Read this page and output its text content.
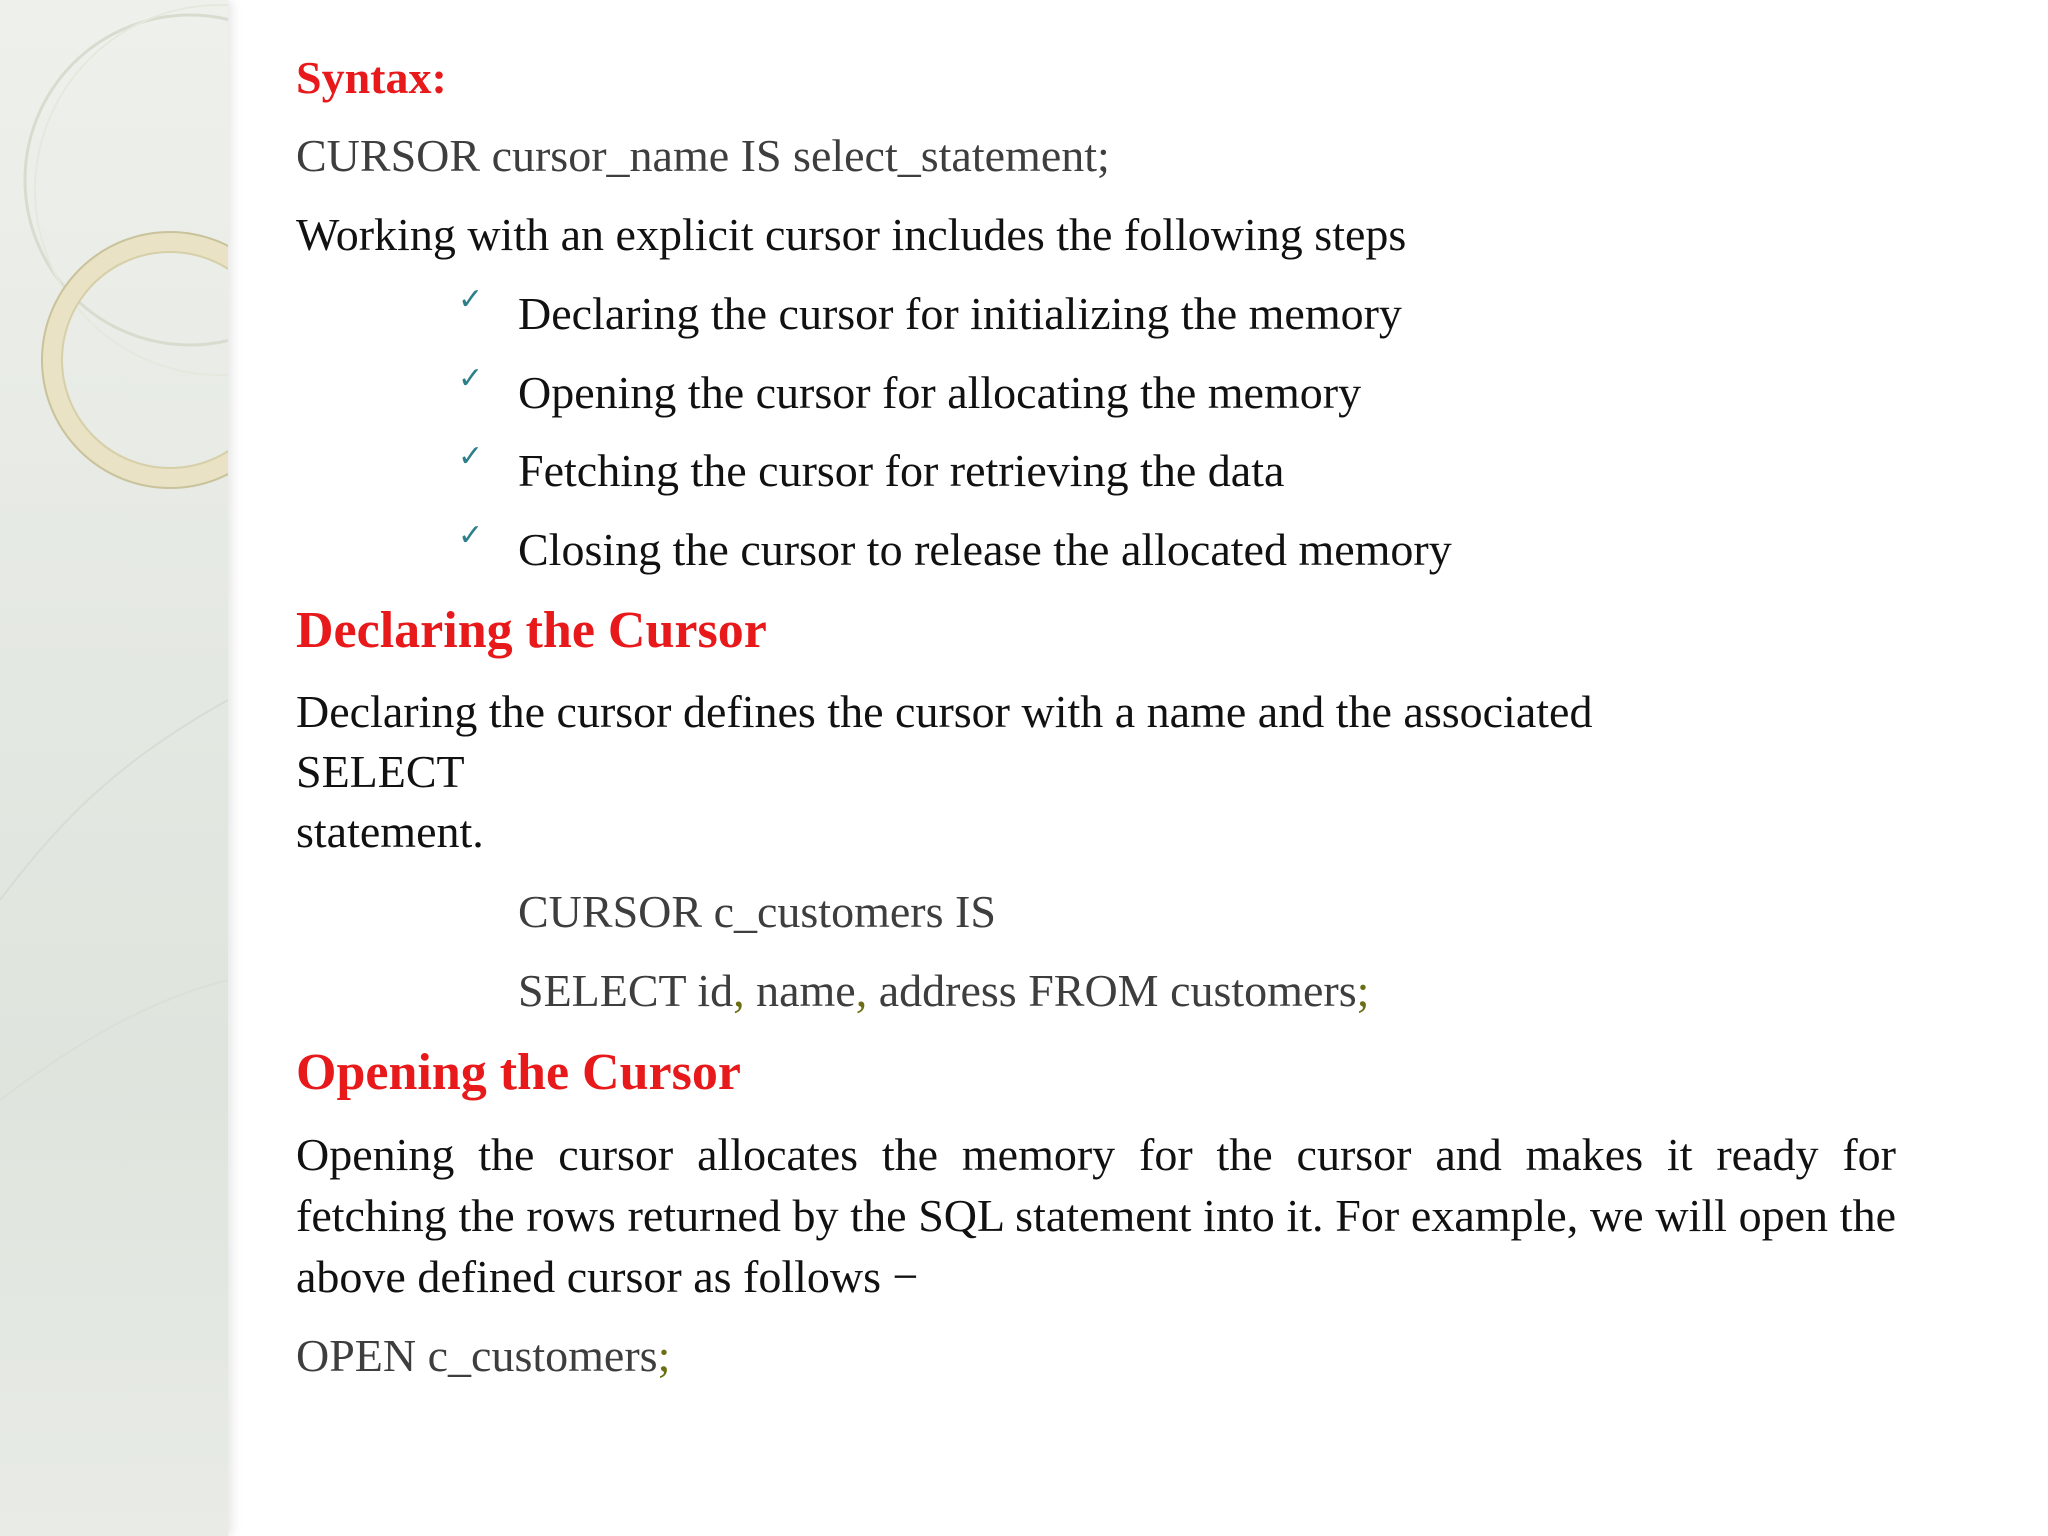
Syntax:
CURSOR cursor_name IS select_statement;
Working with an explicit cursor includes the following steps
✓ Declaring the cursor for initializing the memory
✓ Opening the cursor for allocating the memory
✓ Fetching the cursor for retrieving the data
✓ Closing the cursor to release the allocated memory
Declaring the Cursor
Declaring the cursor defines the cursor with a name and the associated
SELECT
statement.
CURSOR c_customers IS
SELECT id, name, address FROM customers;
Opening the Cursor
Opening the cursor allocates the memory for the cursor and makes it ready for fetching the rows returned by the SQL statement into it. For example, we will open the above defined cursor as follows −
OPEN c_customers;
